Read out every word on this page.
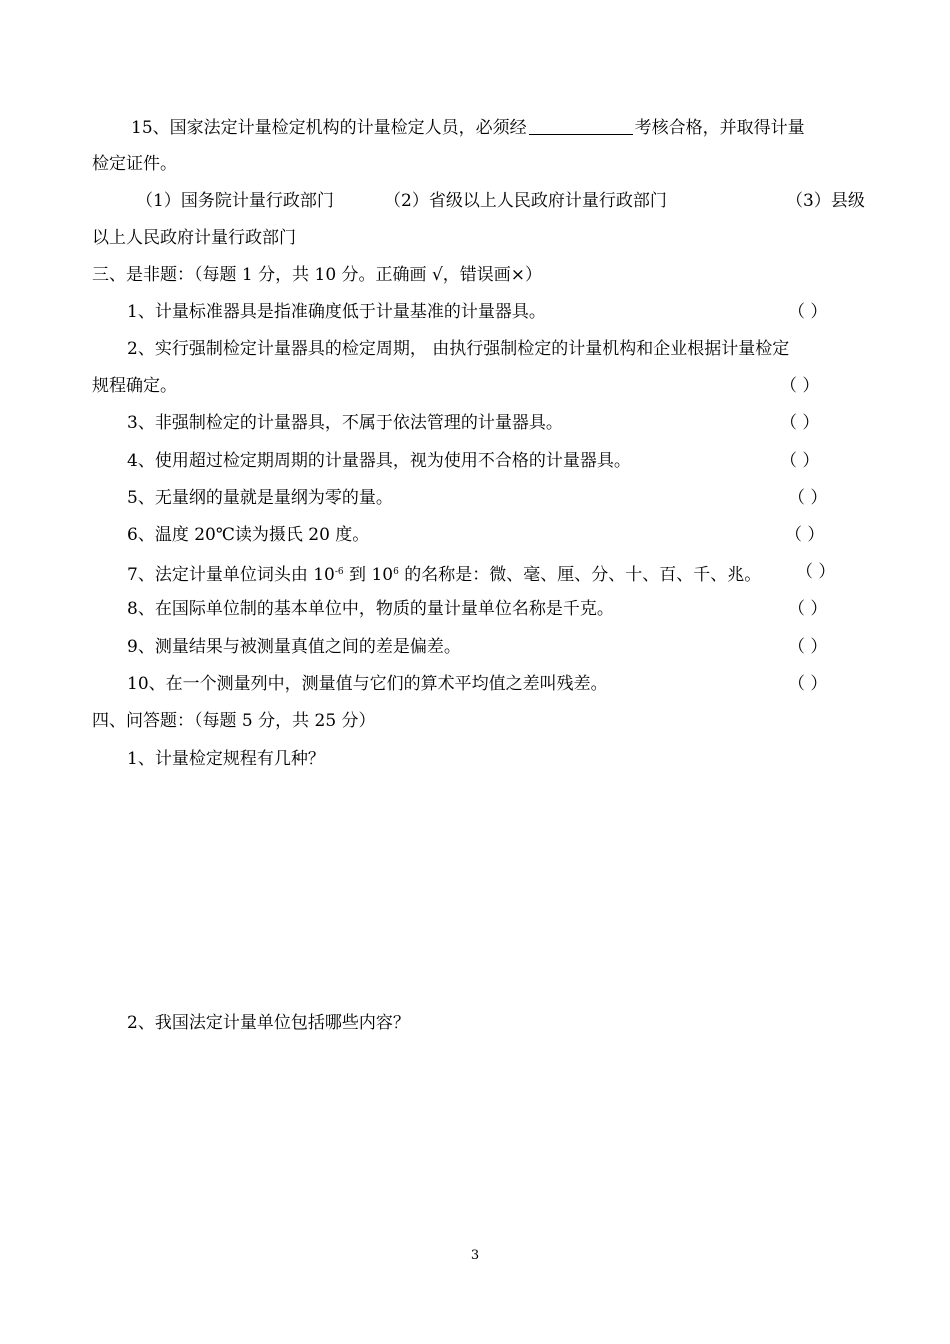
15、国家法定计量检定机构的计量检定人员，必须经	考核合格，并取得计量
检定证件。
（1）国务院计量行政部门	（2）省级以上人民政府计量行政部门	（3）县级
以上人民政府计量行政部门
三、是非题：（每题 1 分，共 10 分。正确画 √，错误画×）
1、计量标准器具是指准确度低于计量基准的计量器具。	（ ）
2、实行强制检定计量器具的检定周期， 由执行强制检定的计量机构和企业根据计量检定
规程确定。	（ ）
3、非强制检定的计量器具，不属于依法管理的计量器具。	（ ）
4、使用超过检定期周期的计量器具，视为使用不合格的计量器具。	（ ）
5、无量纲的量就是量纲为零的量。	（ ）
6、温度 20℃读为摄氏 20 度。	（ ）
7、法定计量单位词头由 $10^{-6}$ 到 $10^6$ 的名称是：微、毫、厘、分、十、百、千、兆。 （ ）
8、在国际单位制的基本单位中，物质的量计量单位名称是千克。	（ ）
9、测量结果与被测量真值之间的差是偏差。	（ ）
10、在一个测量列中，测量值与它们的算术平均值之差叫残差。	（ ）
四、问答题：（每题 5 分，共 25 分）
1、计量检定规程有几种？
2、我国法定计量单位包括哪些内容？
3
